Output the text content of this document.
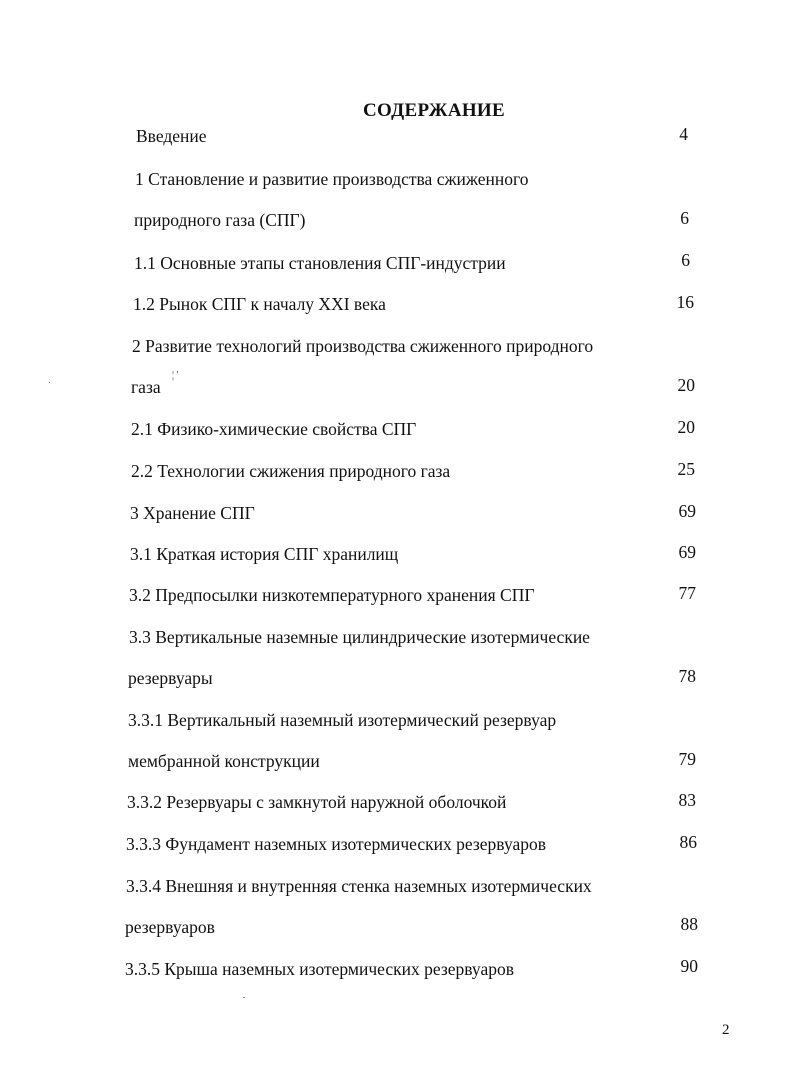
СОДЕРЖАНИЕ
Введение	4
1 Становление и развитие производства сжиженного
природного газа (СПГ)	6
1.1 Основные этапы становления СПГ-индустрии	6
1.2 Рынок СПГ к началу XXI века	16
2 Развитие технологий производства сжиженного природного
газа	20
2.1 Физико-химические свойства СПГ	20
2.2 Технологии сжижения природного газа	25
3 Хранение СПГ	69
3.1 Краткая история СПГ хранилищ	69
3.2 Предпосылки низкотемпературного хранения СПГ	77
3.3 Вертикальные наземные цилиндрические изотермические
резервуары	78
3.3.1 Вертикальный наземный изотермический резервуар
мембранной конструкции	79
3.3.2 Резервуары с замкнутой наружной оболочкой	83
3.3.3 Фундамент наземных изотермических резервуаров	86
3.3.4 Внешняя и внутренняя стенка наземных изотермических
резервуаров	88
3.3.5 Крыша наземных изотермических резервуаров	90
¦ '
2
